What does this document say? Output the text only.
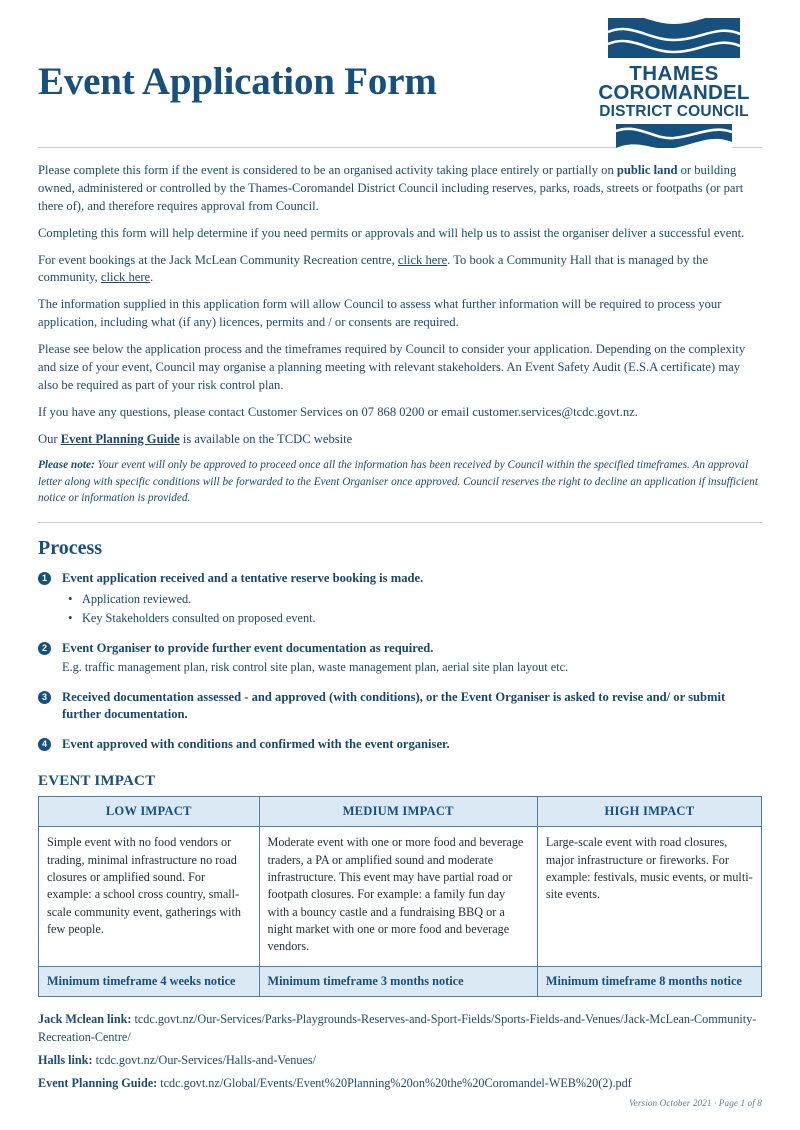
Event Application Form	THAMES
COROMANDEL
DISTRICT COUNCIL

Please complete this form if the event is considered to be an organised activity taking place entirely or partially on public land or building owned, administered or controlled by the Thames-Coromandel District Council including reserves, parks, roads, streets or footpaths (or part there of), and therefore requires approval from Council.

Completing this form will help determine if you need permits or approvals and will help us to assist the organiser deliver a successful event.

For event bookings at the Jack McLean Community Recreation centre, click here. To book a Community Hall that is managed by the community, click here.

The information supplied in this application form will allow Council to assess what further information will be required to process your application, including what (if any) licences, permits and / or consents are required.

Please see below the application process and the timeframes required by Council to consider your application. Depending on the complexity and size of your event, Council may organise a planning meeting with relevant stakeholders. An Event Safety Audit (E.S.A certificate) may also be required as part of your risk control plan.

If you have any questions, please contact Customer Services on 07 868 0200 or email customer.services@tcdc.govt.nz.

Our Event Planning Guide is available on the TCDC website

Please note: Your event will only be approved to proceed once all the information has been received by Council within the specified timeframes. An approval letter along with specific conditions will be forwarded to the Event Organiser once approved. Council reserves the right to decline an application if insufficient notice or information is provided.

Process
1	Event application received and a tentative reserve booking is made.

• Application reviewed.
• Key Stakeholders consulted on proposed event.
2	Event Organiser to provide further event documentation as required.

E.g. traffic management plan, risk control site plan, waste management plan, aerial site plan layout etc.

3	Received documentation assessed - and approved (with conditions), or the Event Organiser is asked to revise and/ or submit further documentation.

4	Event approved with conditions and confirmed with the event organiser.

EVENT IMPACT
LOW IMPACT	MEDIUM IMPACT	HIGH IMPACT
Simple event with no food vendors or trading, minimal infrastructure no road closures or amplified sound. For example: a school cross country, small-scale community event, gatherings with few people.	Moderate event with one or more food and beverage traders, a PA or amplified sound and moderate infrastructure. This event may have partial road or footpath closures. For example: a family fun day with a bouncy castle and a fundraising BBQ or a night market with one or more food and beverage vendors.	Large-scale event with road closures, major infrastructure or fireworks. For example: festivals, music events, or multi-site events.
Minimum timeframe 4 weeks notice	Minimum timeframe 3 months notice	Minimum timeframe 8 months notice

Jack Mclean link: tcdc.govt.nz/Our-Services/Parks-Playgrounds-Reserves-and-Sport-Fields/Sports-Fields-and-Venues/Jack-McLean-Community-Recreation-Centre/

Halls link: tcdc.govt.nz/Our-Services/Halls-and-Venues/

Event Planning Guide: tcdc.govt.nz/Global/Events/Event%20Planning%20on%20the%20Coromandel-WEB%20(2).pdf

Version October 2021 · Page 1 of 8
